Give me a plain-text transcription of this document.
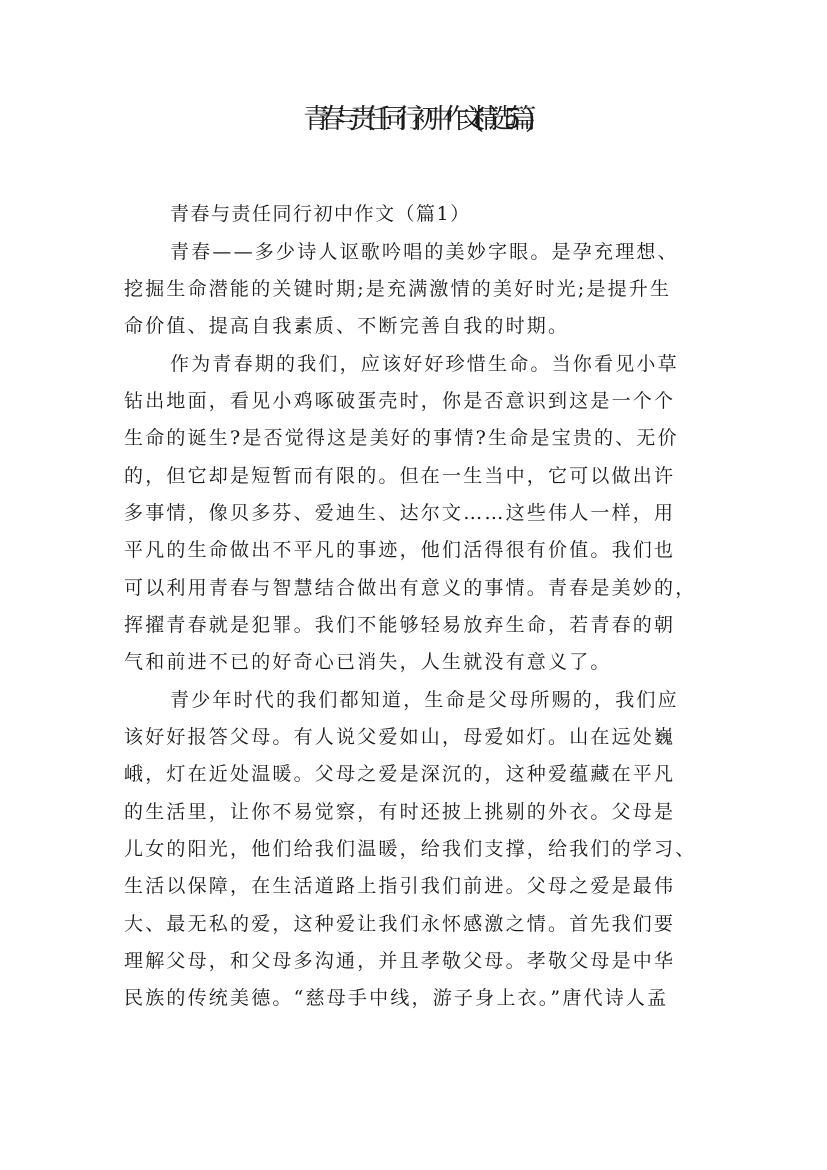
青春与责任同行初中作文(精选5篇)
青春与责任同行初中作文（篇1）
青春——多少诗人讴歌吟唱的美妙字眼。是孕充理想、
挖掘生命潜能的关键时期;是充满激情的美好时光;是提升生
命价值、提高自我素质、不断完善自我的时期。
作为青春期的我们，应该好好珍惜生命。当你看见小草
钻出地面，看见小鸡啄破蛋壳时，你是否意识到这是一个个
生命的诞生?是否觉得这是美好的事情?生命是宝贵的、无价
的，但它却是短暂而有限的。但在一生当中，它可以做出许
多事情，像贝多芬、爱迪生、达尔文……这些伟人一样，用
平凡的生命做出不平凡的事迹，他们活得很有价值。我们也
可以利用青春与智慧结合做出有意义的事情。青春是美妙的，
挥擢青春就是犯罪。我们不能够轻易放弃生命，若青春的朝
气和前进不已的好奇心已消失，人生就没有意义了。
青少年时代的我们都知道，生命是父母所赐的，我们应
该好好报答父母。有人说父爱如山，母爱如灯。山在远处巍
峨，灯在近处温暖。父母之爱是深沉的，这种爱蕴藏在平凡
的生活里，让你不易觉察，有时还披上挑剔的外衣。父母是
儿女的阳光，他们给我们温暖，给我们支撑，给我们的学习、
生活以保障，在生活道路上指引我们前进。父母之爱是最伟
大、最无私的爱，这种爱让我们永怀感激之情。首先我们要
理解父母，和父母多沟通，并且孝敬父母。孝敬父母是中华
民族的传统美德。“慈母手中线，游子身上衣。”唐代诗人孟
